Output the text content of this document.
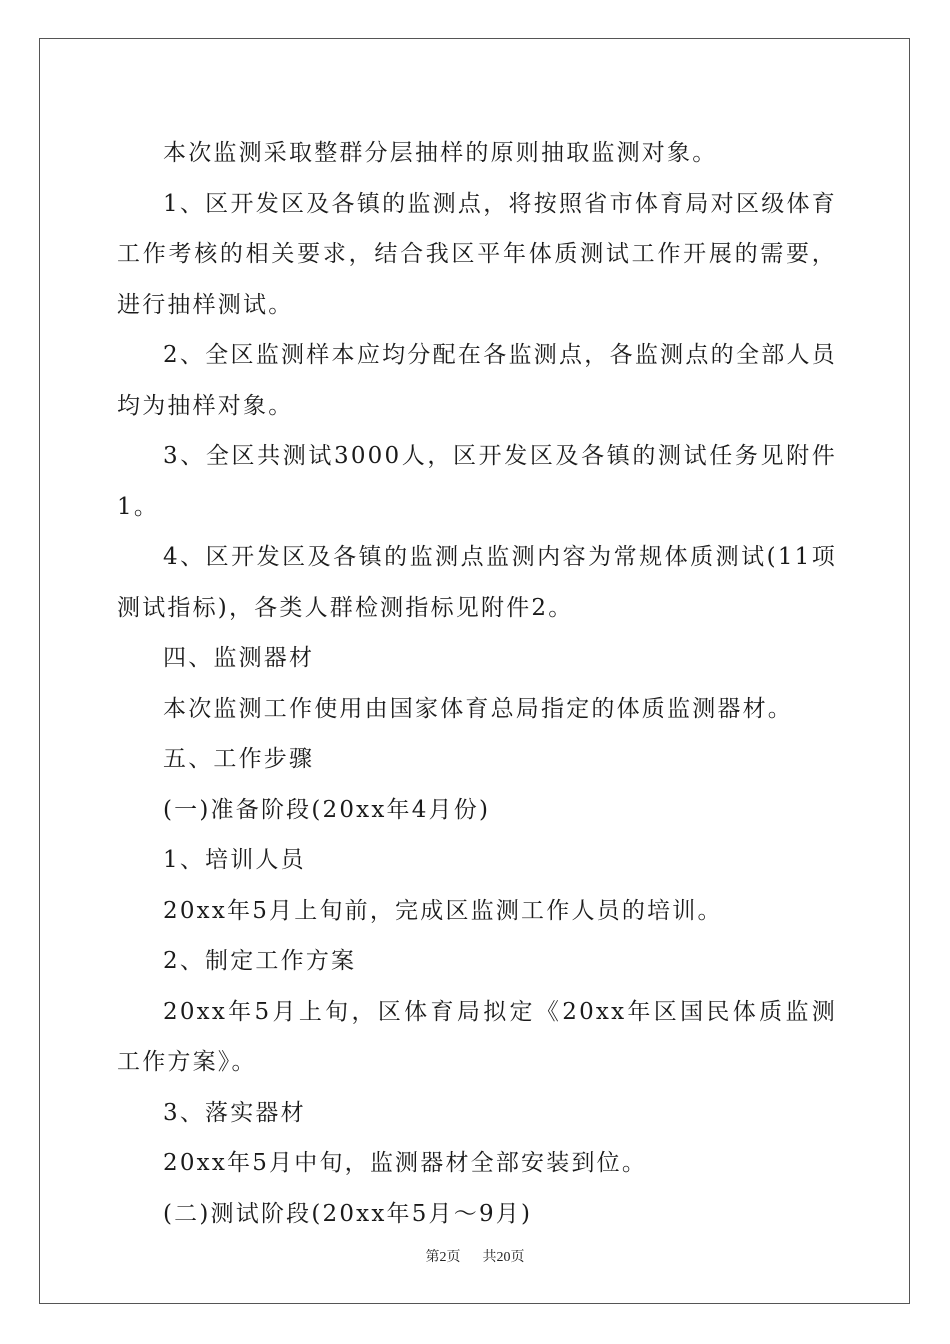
本次监测采取整群分层抽样的原则抽取监测对象。

1、区开发区及各镇的监测点，将按照省市体育局对区级体育工作考核的相关要求，结合我区平年体质测试工作开展的需要，进行抽样测试。

2、全区监测样本应均分配在各监测点，各监测点的全部人员均为抽样对象。

3、全区共测试3000人，区开发区及各镇的测试任务见附件1。

4、区开发区及各镇的监测点监测内容为常规体质测试(11项测试指标)，各类人群检测指标见附件2。

四、监测器材

本次监测工作使用由国家体育总局指定的体质监测器材。

五、工作步骤

(一)准备阶段(20xx年4月份)

1、培训人员

20xx年5月上旬前，完成区监测工作人员的培训。

2、制定工作方案

20xx年5月上旬，区体育局拟定《20xx年区国民体质监测工作方案》。

3、落实器材

20xx年5月中旬，监测器材全部安装到位。

(二)测试阶段(20xx年5月～9月)

第2页 共20页
